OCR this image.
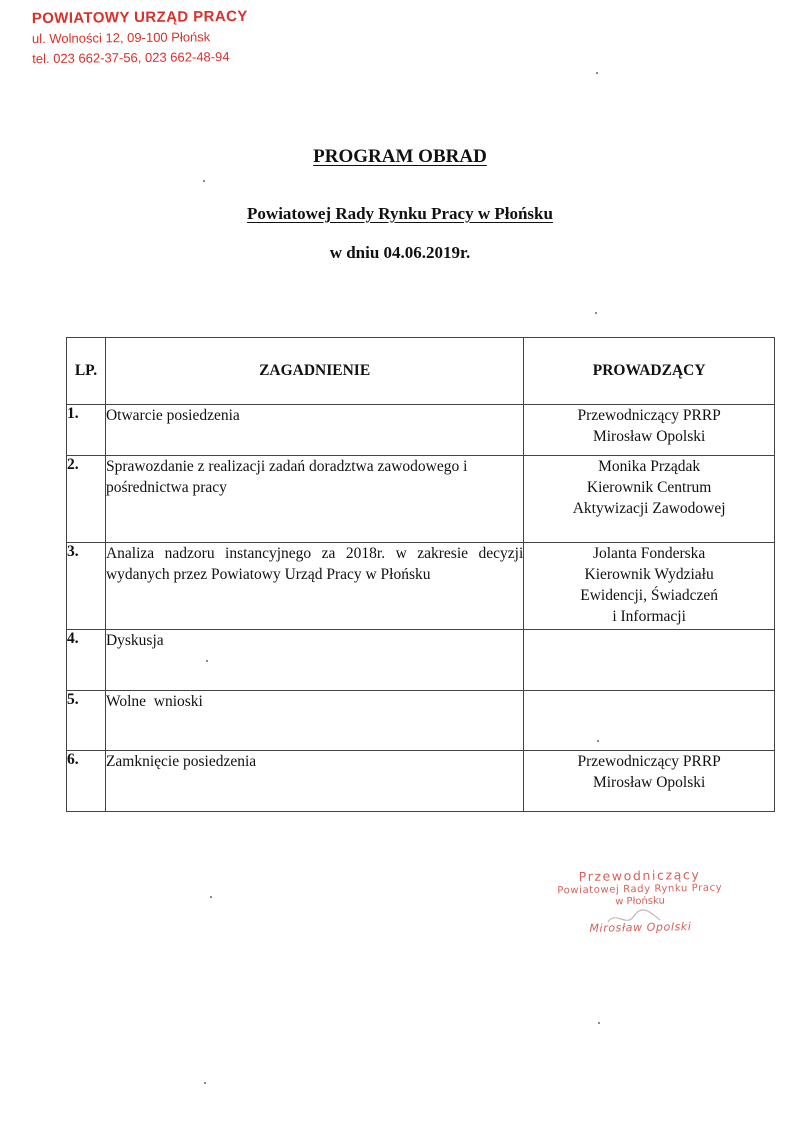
POWIATOWY URZĄD PRACY
ul. Wolności 12, 09-100 Płońsk
tel. 023 662-37-56, 023 662-48-94
PROGRAM OBRAD
Powiatowej Rady Rynku Pracy w Płońsku
w dniu 04.06.2019r.
LP.	ZAGADNIENIE	PROWADZĄCY
1.	Otwarcie posiedzenia	Przewodniczący PRRP
Mirosław Opolski

2.	Sprawozdanie z realizacji zadań doradztwa zawodowego i pośrednictwa pracy	Monika Prządak
Kierownik Centrum
Aktywizacji Zawodowej

3.	Analiza nadzoru instancyjnego za 2018r. w zakresie decyzji wydanych przez Powiatowy Urząd Pracy w Płońsku	Jolanta Fonderska
Kierownik Wydziału
Ewidencji, Świadczeń
i Informacji

4.	Dyskusja	
5.	Wolne  wnioski	
6.	Zamknięcie posiedzenia	Przewodniczący PRRP
Mirosław Opolski
Przewodniczący
Powiatowej Rady Rynku Pracy
w Płońsku
Mirosław Opolski
